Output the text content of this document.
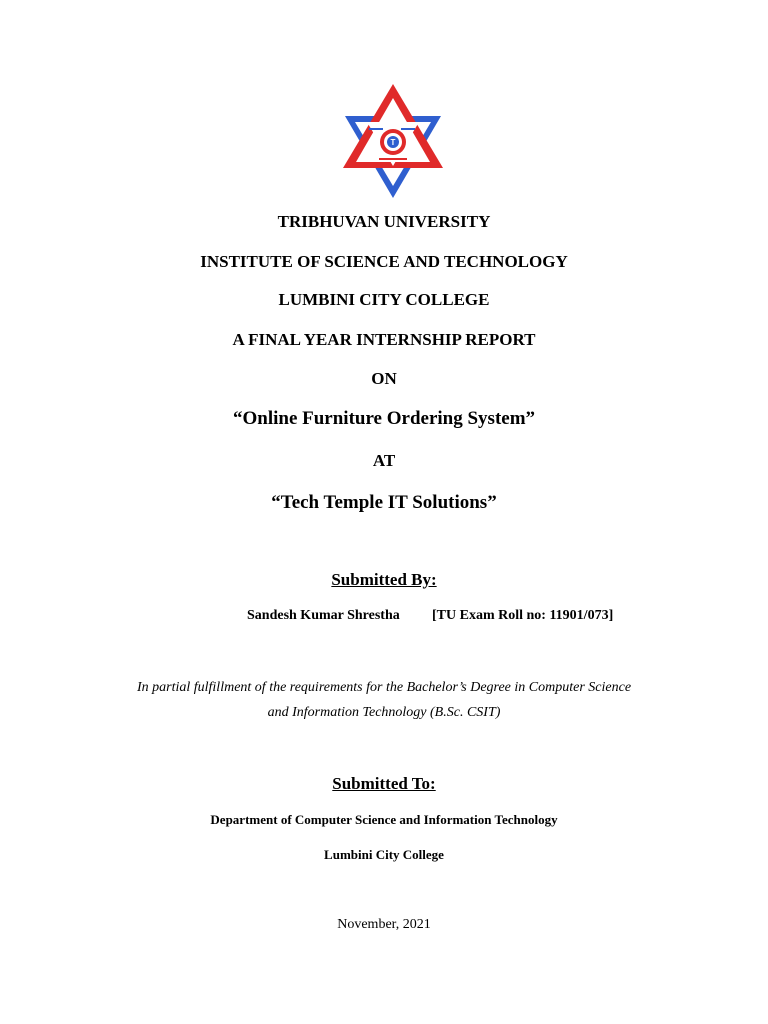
T
TRIBHUVAN UNIVERSITY
INSTITUTE OF SCIENCE AND TECHNOLOGY
LUMBINI CITY COLLEGE
A FINAL YEAR INTERNSHIP REPORT
ON
“Online Furniture Ordering System”
AT
“Tech Temple IT Solutions”
Submitted By:
Sandesh Kumar Shrestha [TU Exam Roll no: 11901/073]
In partial fulfillment of the requirements for the Bachelor’s Degree in Computer Science
and Information Technology (B.Sc. CSIT)
Submitted To:
Department of Computer Science and Information Technology
Lumbini City College
November, 2021
